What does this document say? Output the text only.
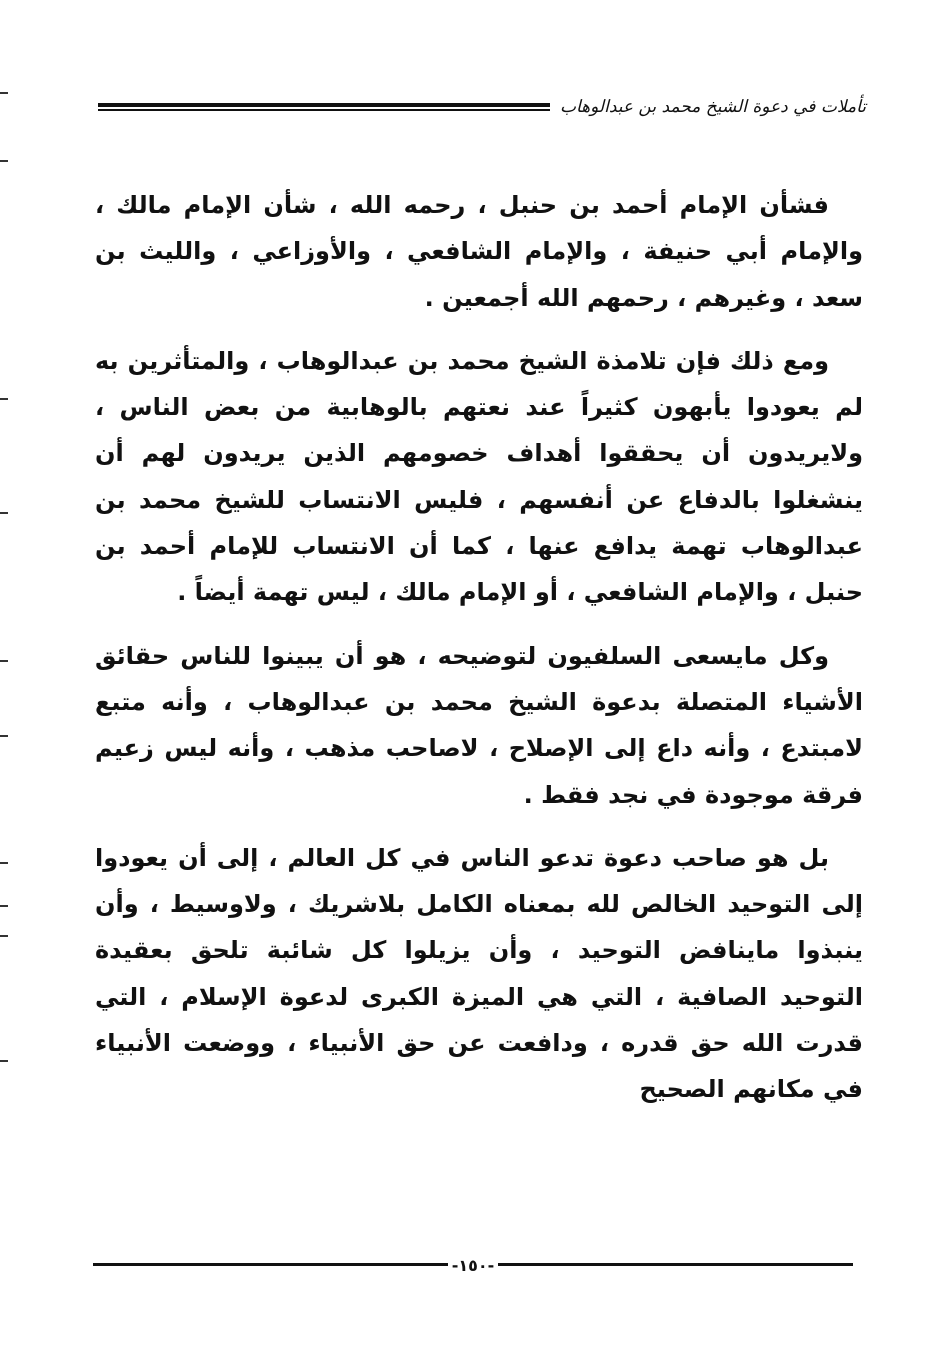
تأملات في دعوة الشيخ محمد بن عبدالوهاب

فشأن الإمام أحمد بن حنبل ، رحمه الله ، شأن الإمام مالك ، والإمام أبي حنيفة ، والإمام الشافعي ، والأوزاعي ، والليث بن سعد ، وغيرهم ، رحمهم الله أجمعين .

ومع ذلك فإن تلامذة الشيخ محمد بن عبدالوهاب ، والمتأثرين به لم يعودوا يأبهون كثيراً عند نعتهم بالوهابية من بعض الناس ، ولايريدون أن يحققوا أهداف خصومهم الذين يريدون لهم أن ينشغلوا بالدفاع عن أنفسهم ، فليس الانتساب للشيخ محمد بن عبدالوهاب تهمة يدافع عنها ، كما أن الانتساب للإمام أحمد بن حنبل ، والإمام الشافعي ، أو الإمام مالك ، ليس تهمة أيضاً .

وكل مايسعى السلفيون لتوضيحه ، هو أن يبينوا للناس حقائق الأشياء المتصلة بدعوة الشيخ محمد بن عبدالوهاب ، وأنه متبع لامبتدع ، وأنه داع إلى الإصلاح ، لاصاحب مذهب ، وأنه ليس زعيم فرقة موجودة في نجد فقط .

بل هو صاحب دعوة تدعو الناس في كل العالم ، إلى أن يعودوا إلى التوحيد الخالص لله بمعناه الكامل بلاشريك ، ولاوسيط ، وأن ينبذوا ماينافض التوحيد ، وأن يزيلوا كل شائبة تلحق بعقيدة التوحيد الصافية ، التي هي الميزة الكبرى لدعوة الإسلام ، التي قدرت الله حق قدره ، ودافعت عن حق الأنبياء ، ووضعت الأنبياء في مكانهم الصحيح

-١٥٠-
